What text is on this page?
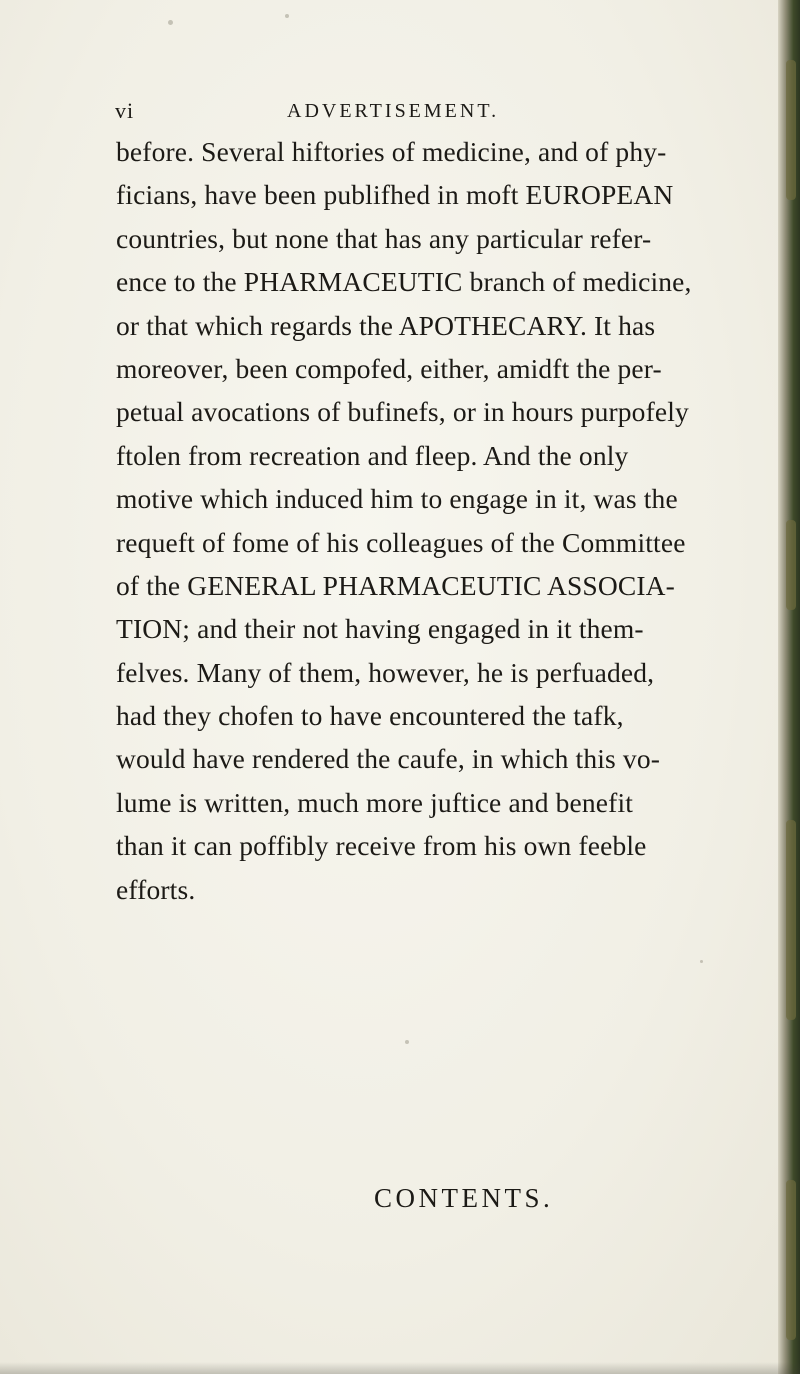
vi	ADVERTISEMENT.
before. Several hiftories of medicine, and of phy-
ficians, have been publifhed in moft EUROPEAN
countries, but none that has any particular refer-
ence to the PHARMACEUTIC branch of medicine,
or that which regards the APOTHECARY. It has
moreover, been compofed, either, amidft the per-
petual avocations of bufinefs, or in hours purpofely
ftolen from recreation and fleep. And the only
motive which induced him to engage in it, was the
requeft of fome of his colleagues of the Committee
of the GENERAL PHARMACEUTIC ASSOCIA-
TION; and their not having engaged in it them-
felves. Many of them, however, he is perfuaded,
had they chofen to have encountered the tafk,
would have rendered the caufe, in which this vo-
lume is written, much more juftice and benefit
than it can poffibly receive from his own feeble
efforts.
CONTENTS.
